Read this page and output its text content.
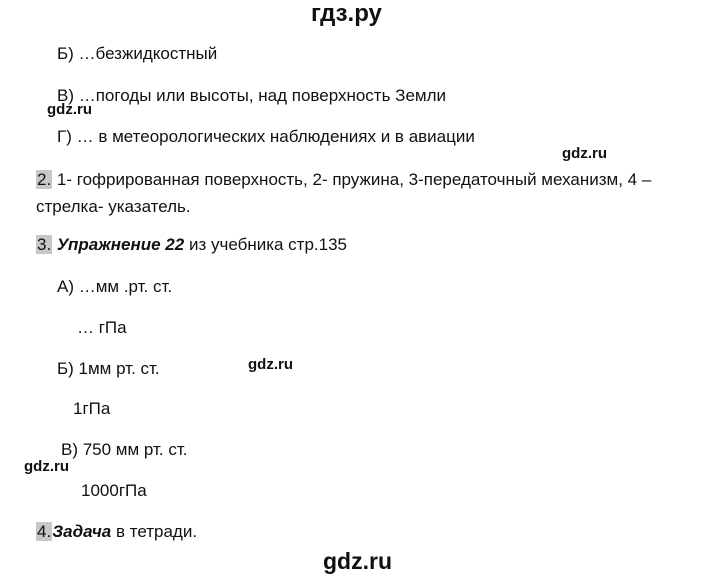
гдз.ру
gdz.ru
gdz.ru
gdz.ru
gdz.ru
gdz.ru
Б) …безжидкостный
В) …погоды или высоты, над поверхность Земли
Г) … в метеорологических наблюдениях и в авиации
2. 1- гофрированная поверхность, 2- пружина, 3-передаточный механизм, 4 –
стрелка- указатель.
3. Упражнение 22 из учебника стр.135
А) …мм .рт. ст.
… гПа
Б) 1мм рт. ст.
1гПа
В) 750 мм рт. ст.
1000гПа
4.Задача в тетради.
